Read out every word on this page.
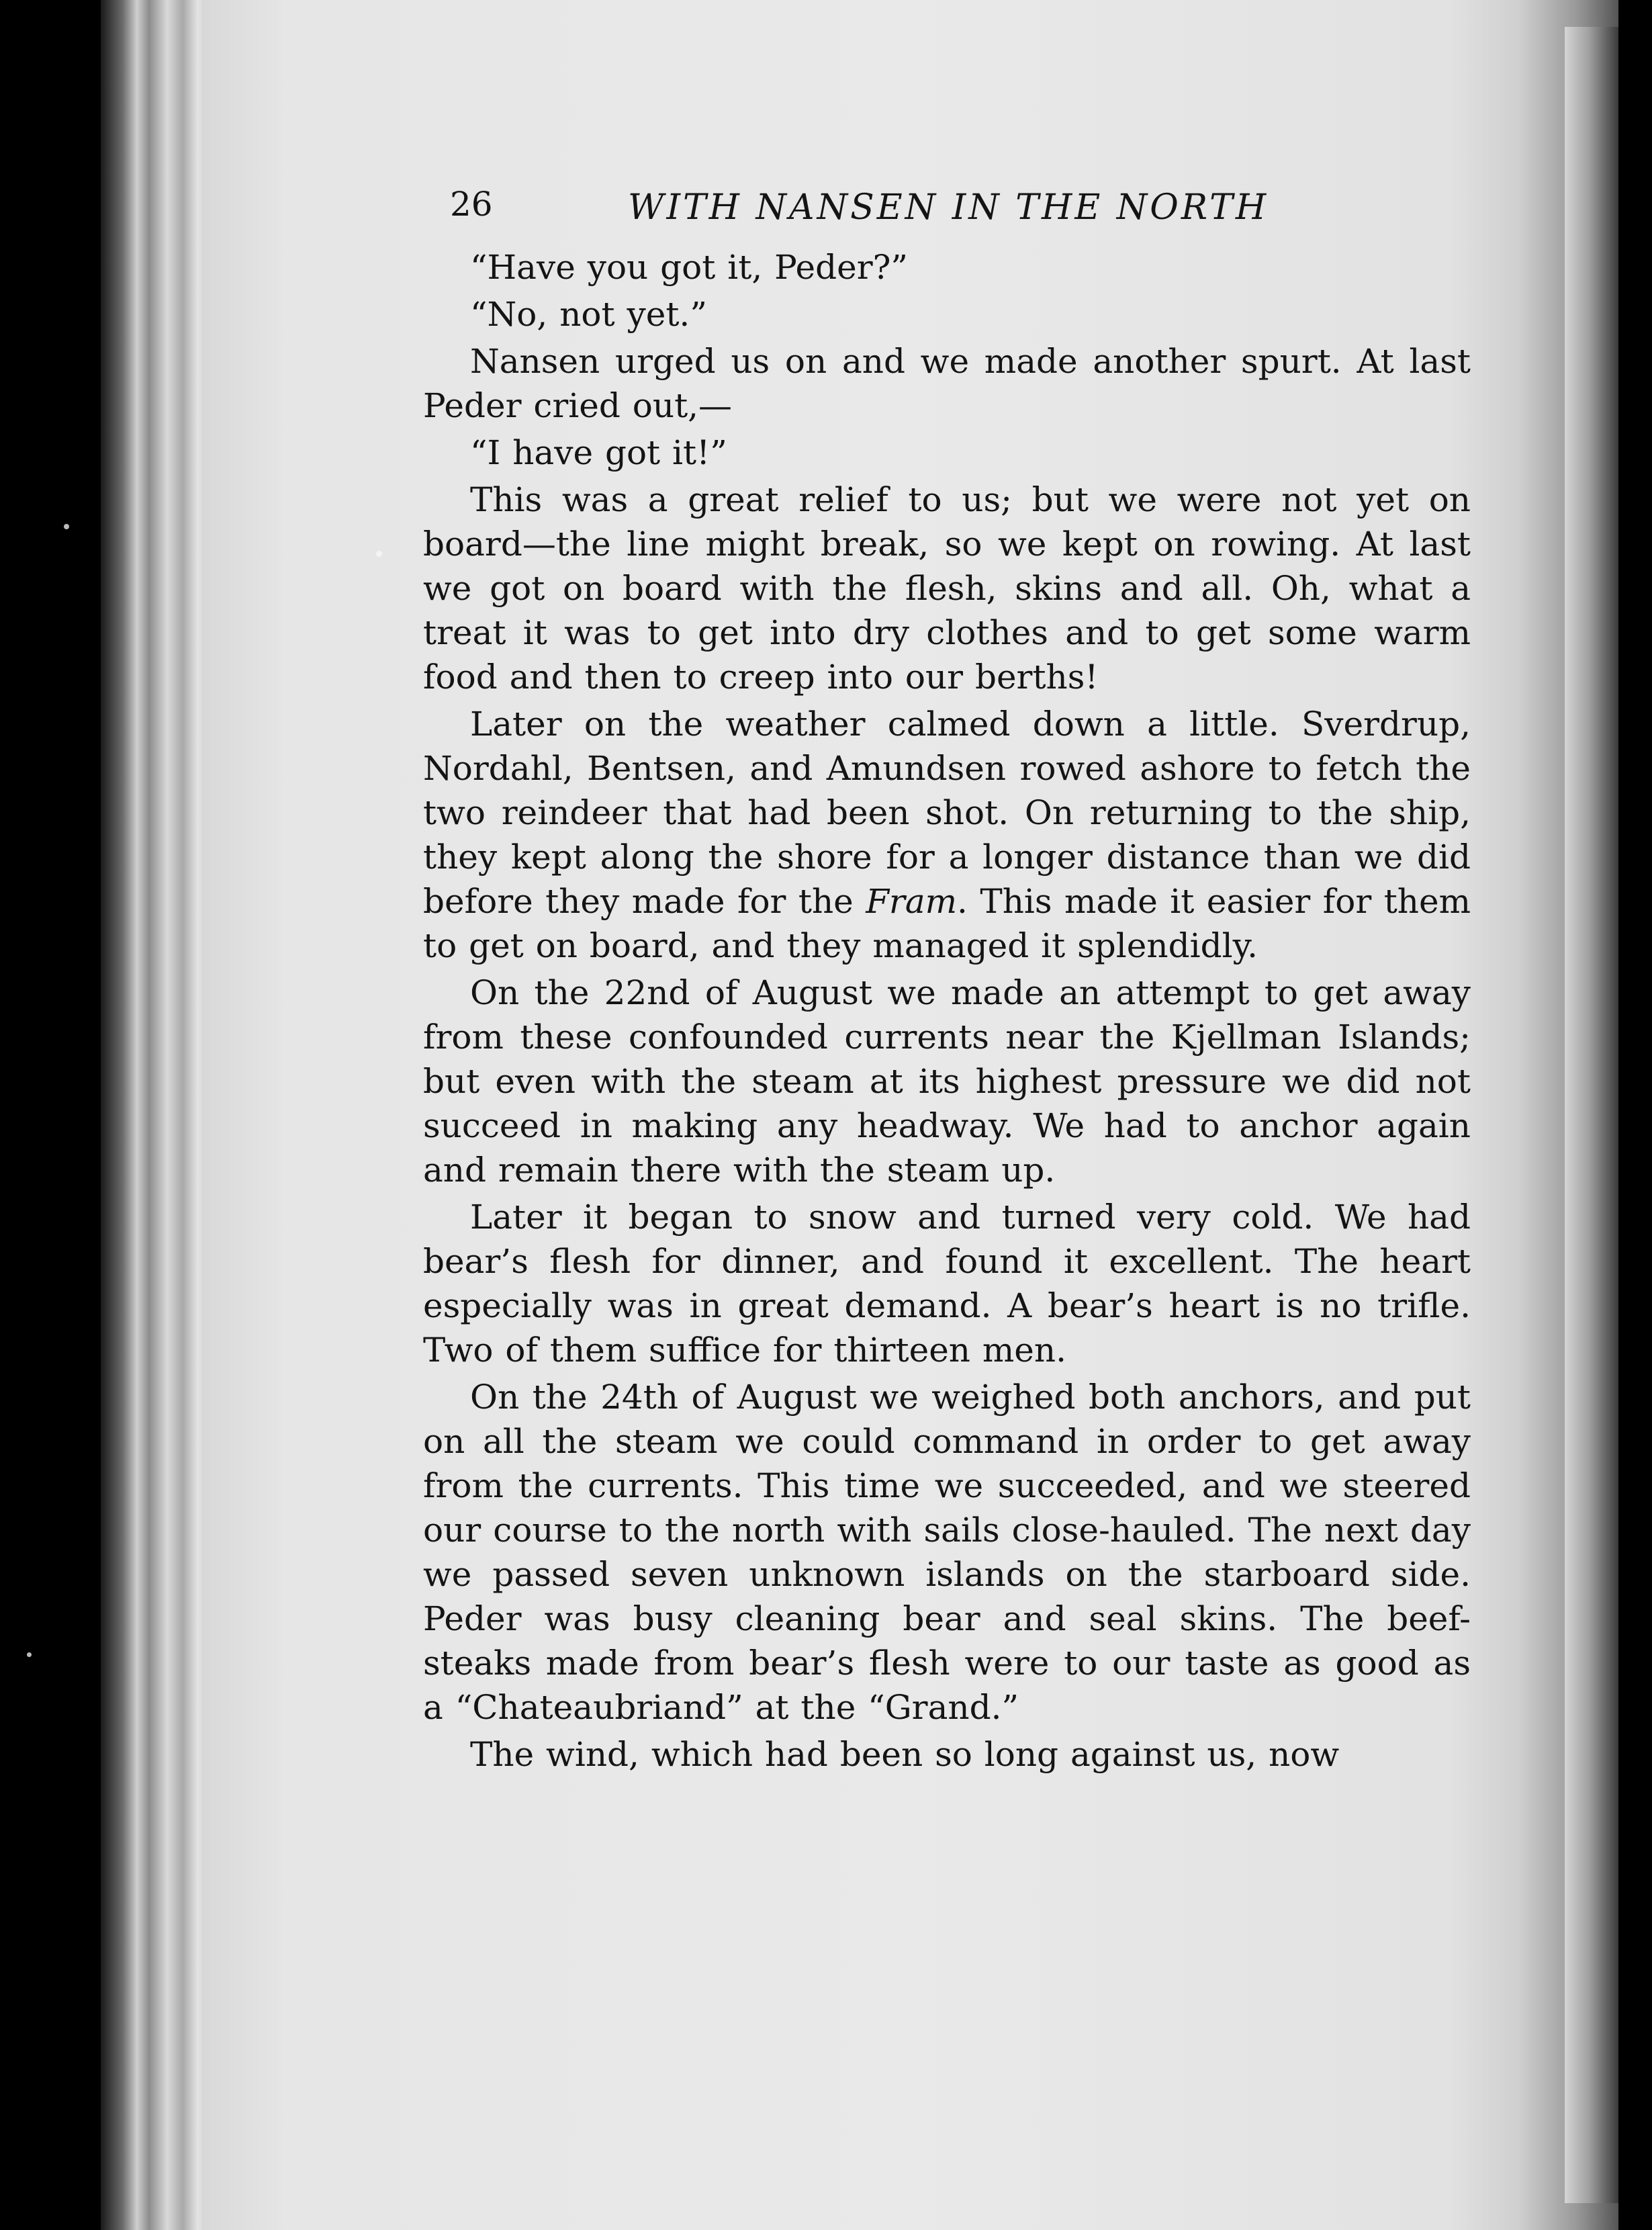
26	WITH NANSEN IN THE NORTH

“Have you got it, Peder?”

“No, not yet.”

Nansen urged us on and we made another spurt. At last Peder cried out,—

“I have got it!”

This was a great relief to us; but we were not yet on board—the line might break, so we kept on rowing. At last we got on board with the flesh, skins and all. Oh, what a treat it was to get into dry clothes and to get some warm food and then to creep into our berths!

Later on the weather calmed down a little. Sverdrup, Nordahl, Bentsen, and Amundsen rowed ashore to fetch the two reindeer that had been shot. On returning to the ship, they kept along the shore for a longer distance than we did before they made for the Fram. This made it easier for them to get on board, and they managed it splendidly.

On the 22nd of August we made an attempt to get away from these confounded currents near the Kjellman Islands; but even with the steam at its highest pressure we did not succeed in making any headway. We had to anchor again and remain there with the steam up.

Later it began to snow and turned very cold. We had bear’s flesh for dinner, and found it excellent. The heart especially was in great demand. A bear’s heart is no trifle. Two of them suffice for thirteen men.

On the 24th of August we weighed both anchors, and put on all the steam we could command in order to get away from the currents. This time we succeeded, and we steered our course to the north with sails close-hauled. The next day we passed seven unknown islands on the starboard side. Peder was busy cleaning bear and seal skins. The beef-steaks made from bear’s flesh were to our taste as good as a “Chateaubriand” at the “Grand.”

The wind, which had been so long against us, now
